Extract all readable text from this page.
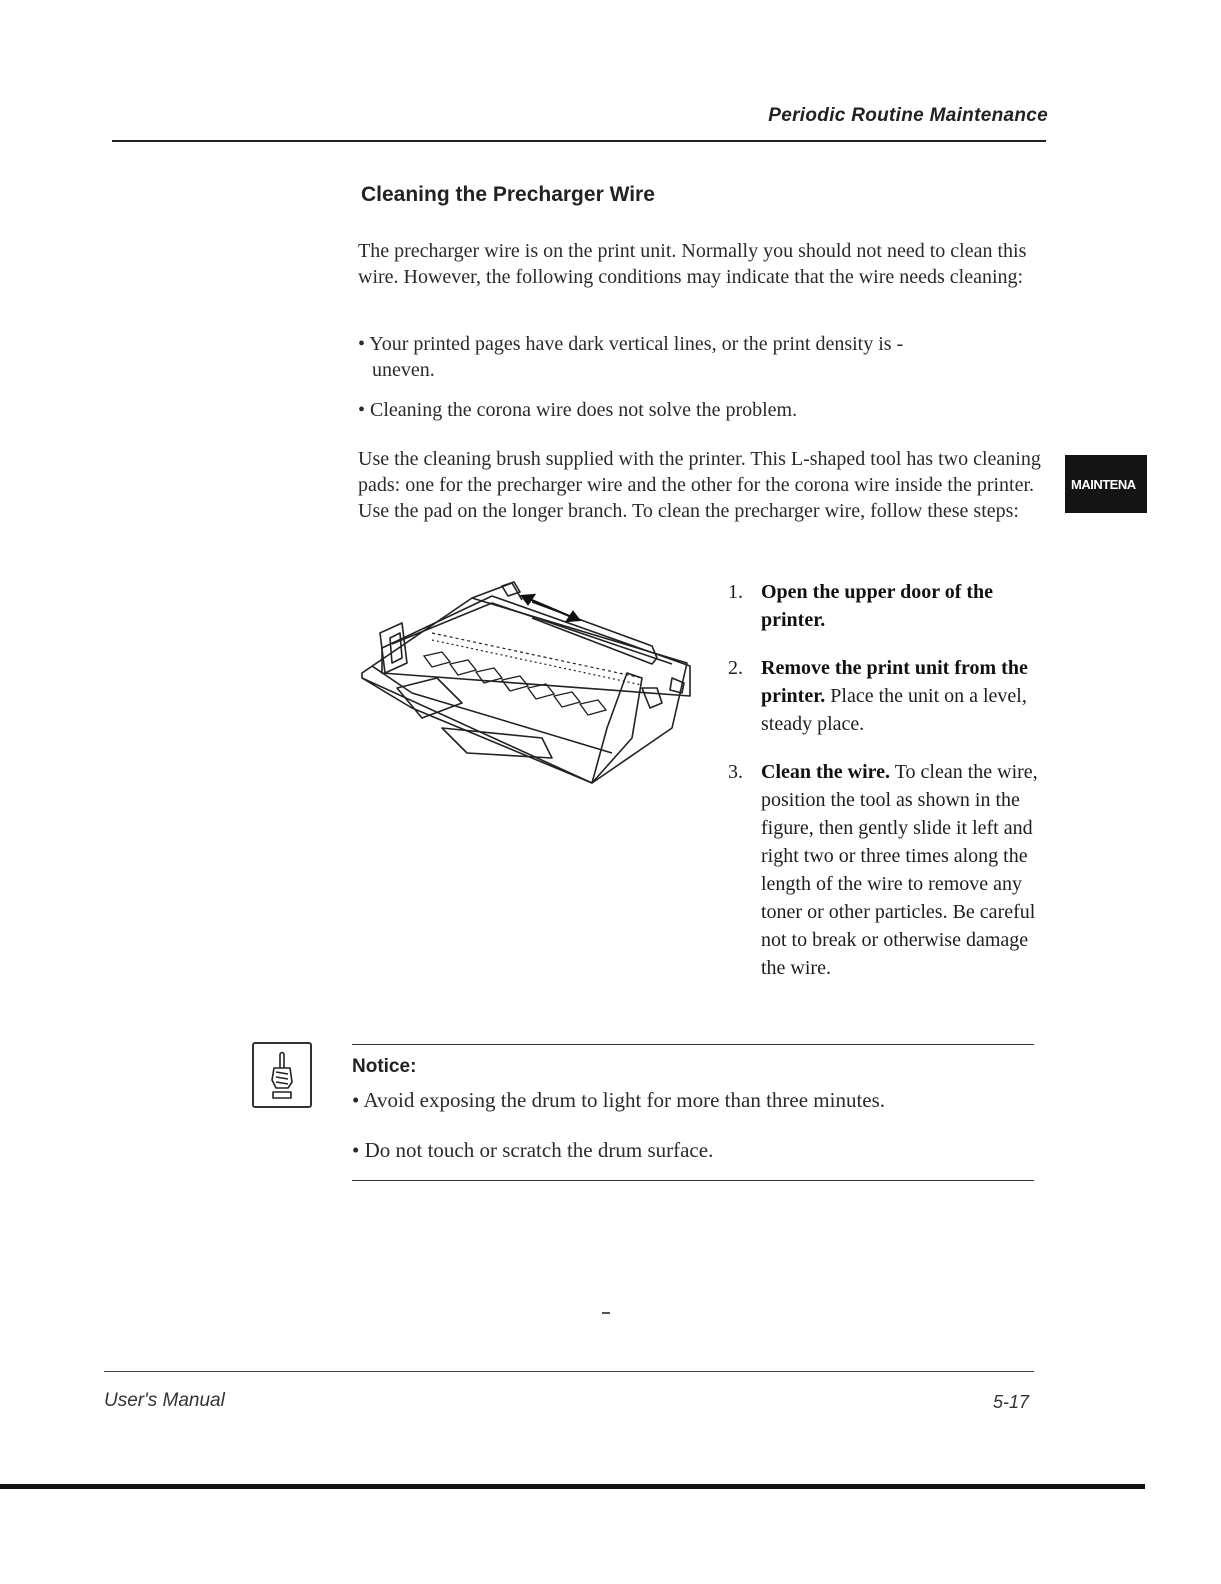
Periodic Routine Maintenance
Cleaning the Precharger Wire
The precharger wire is on the print unit. Normally you should not need to clean this wire. However, the following conditions may indicate that the wire needs cleaning:
• Your printed pages have dark vertical lines, or the print density is -
uneven.
• Cleaning the corona wire does not solve the problem.
Use the cleaning brush supplied with the printer. This L-shaped tool has two cleaning pads: one for the precharger wire and the other for the corona wire inside the printer. Use the pad on the longer branch. To clean the precharger wire, follow these steps:
MAINTENA
1. Open the upper door of the printer.
2. Remove the print unit from the printer. Place the unit on a level, steady place.
3. Clean the wire. To clean the wire, position the tool as shown in the figure, then gently slide it left and right two or three times along the length of the wire to remove any toner or other particles. Be careful not to break or otherwise damage the wire.
Notice:
• Avoid exposing the drum to light for more than three minutes.
• Do not touch or scratch the drum surface.
User's Manual	5-17
